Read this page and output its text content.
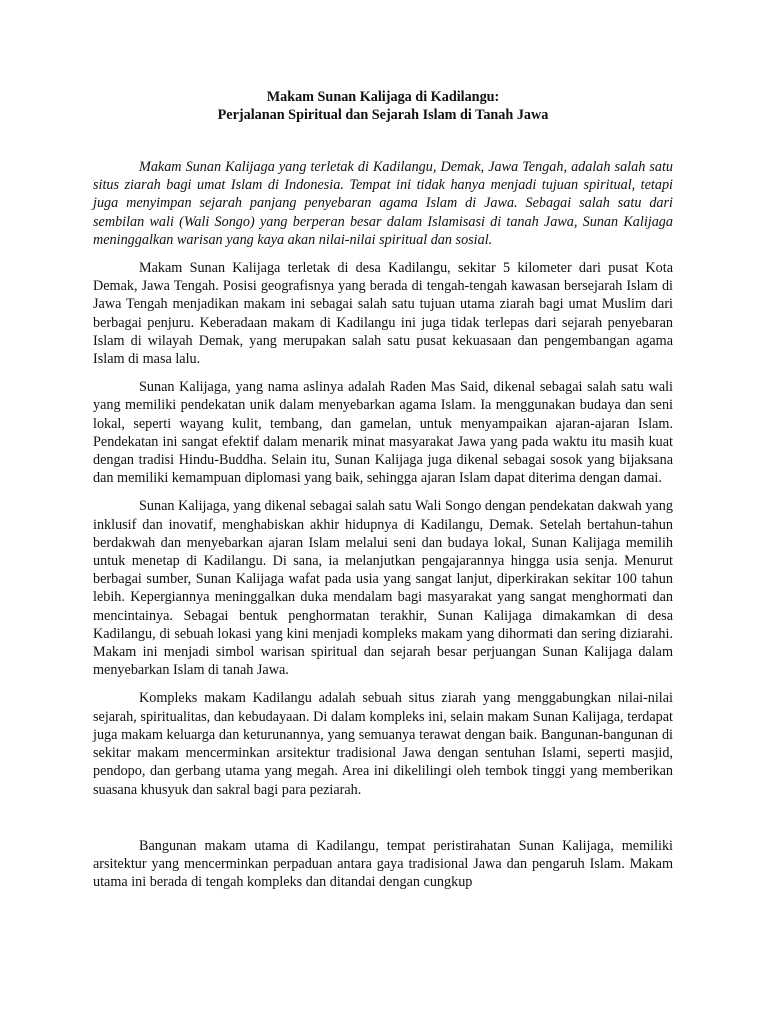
Makam Sunan Kalijaga di Kadilangu:
Perjalanan Spiritual dan Sejarah Islam di Tanah Jawa

Makam Sunan Kalijaga yang terletak di Kadilangu, Demak, Jawa Tengah, adalah salah satu situs ziarah bagi umat Islam di Indonesia. Tempat ini tidak hanya menjadi tujuan spiritual, tetapi juga menyimpan sejarah panjang penyebaran agama Islam di Jawa. Sebagai salah satu dari sembilan wali (Wali Songo) yang berperan besar dalam Islamisasi di tanah Jawa, Sunan Kalijaga meninggalkan warisan yang kaya akan nilai-nilai spiritual dan sosial.

Makam Sunan Kalijaga terletak di desa Kadilangu, sekitar 5 kilometer dari pusat Kota Demak, Jawa Tengah. Posisi geografisnya yang berada di tengah-tengah kawasan bersejarah Islam di Jawa Tengah menjadikan makam ini sebagai salah satu tujuan utama ziarah bagi umat Muslim dari berbagai penjuru. Keberadaan makam di Kadilangu ini juga tidak terlepas dari sejarah penyebaran Islam di wilayah Demak, yang merupakan salah satu pusat kekuasaan dan pengembangan agama Islam di masa lalu.

Sunan Kalijaga, yang nama aslinya adalah Raden Mas Said, dikenal sebagai salah satu wali yang memiliki pendekatan unik dalam menyebarkan agama Islam. Ia menggunakan budaya dan seni lokal, seperti wayang kulit, tembang, dan gamelan, untuk menyampaikan ajaran-ajaran Islam. Pendekatan ini sangat efektif dalam menarik minat masyarakat Jawa yang pada waktu itu masih kuat dengan tradisi Hindu-Buddha. Selain itu, Sunan Kalijaga juga dikenal sebagai sosok yang bijaksana dan memiliki kemampuan diplomasi yang baik, sehingga ajaran Islam dapat diterima dengan damai.

Sunan Kalijaga, yang dikenal sebagai salah satu Wali Songo dengan pendekatan dakwah yang inklusif dan inovatif, menghabiskan akhir hidupnya di Kadilangu, Demak. Setelah bertahun-tahun berdakwah dan menyebarkan ajaran Islam melalui seni dan budaya lokal, Sunan Kalijaga memilih untuk menetap di Kadilangu. Di sana, ia melanjutkan pengajarannya hingga usia senja. Menurut berbagai sumber, Sunan Kalijaga wafat pada usia yang sangat lanjut, diperkirakan sekitar 100 tahun lebih. Kepergiannya meninggalkan duka mendalam bagi masyarakat yang sangat menghormati dan mencintainya. Sebagai bentuk penghormatan terakhir, Sunan Kalijaga dimakamkan di desa Kadilangu, di sebuah lokasi yang kini menjadi kompleks makam yang dihormati dan sering diziarahi. Makam ini menjadi simbol warisan spiritual dan sejarah besar perjuangan Sunan Kalijaga dalam menyebarkan Islam di tanah Jawa.

Kompleks makam Kadilangu adalah sebuah situs ziarah yang menggabungkan nilai-nilai sejarah, spiritualitas, dan kebudayaan. Di dalam kompleks ini, selain makam Sunan Kalijaga, terdapat juga makam keluarga dan keturunannya, yang semuanya terawat dengan baik. Bangunan-bangunan di sekitar makam mencerminkan arsitektur tradisional Jawa dengan sentuhan Islami, seperti masjid, pendopo, dan gerbang utama yang megah. Area ini dikelilingi oleh tembok tinggi yang memberikan suasana khusyuk dan sakral bagi para peziarah.

Bangunan makam utama di Kadilangu, tempat peristirahatan Sunan Kalijaga, memiliki arsitektur yang mencerminkan perpaduan antara gaya tradisional Jawa dan pengaruh Islam. Makam utama ini berada di tengah kompleks dan ditandai dengan cungkup
